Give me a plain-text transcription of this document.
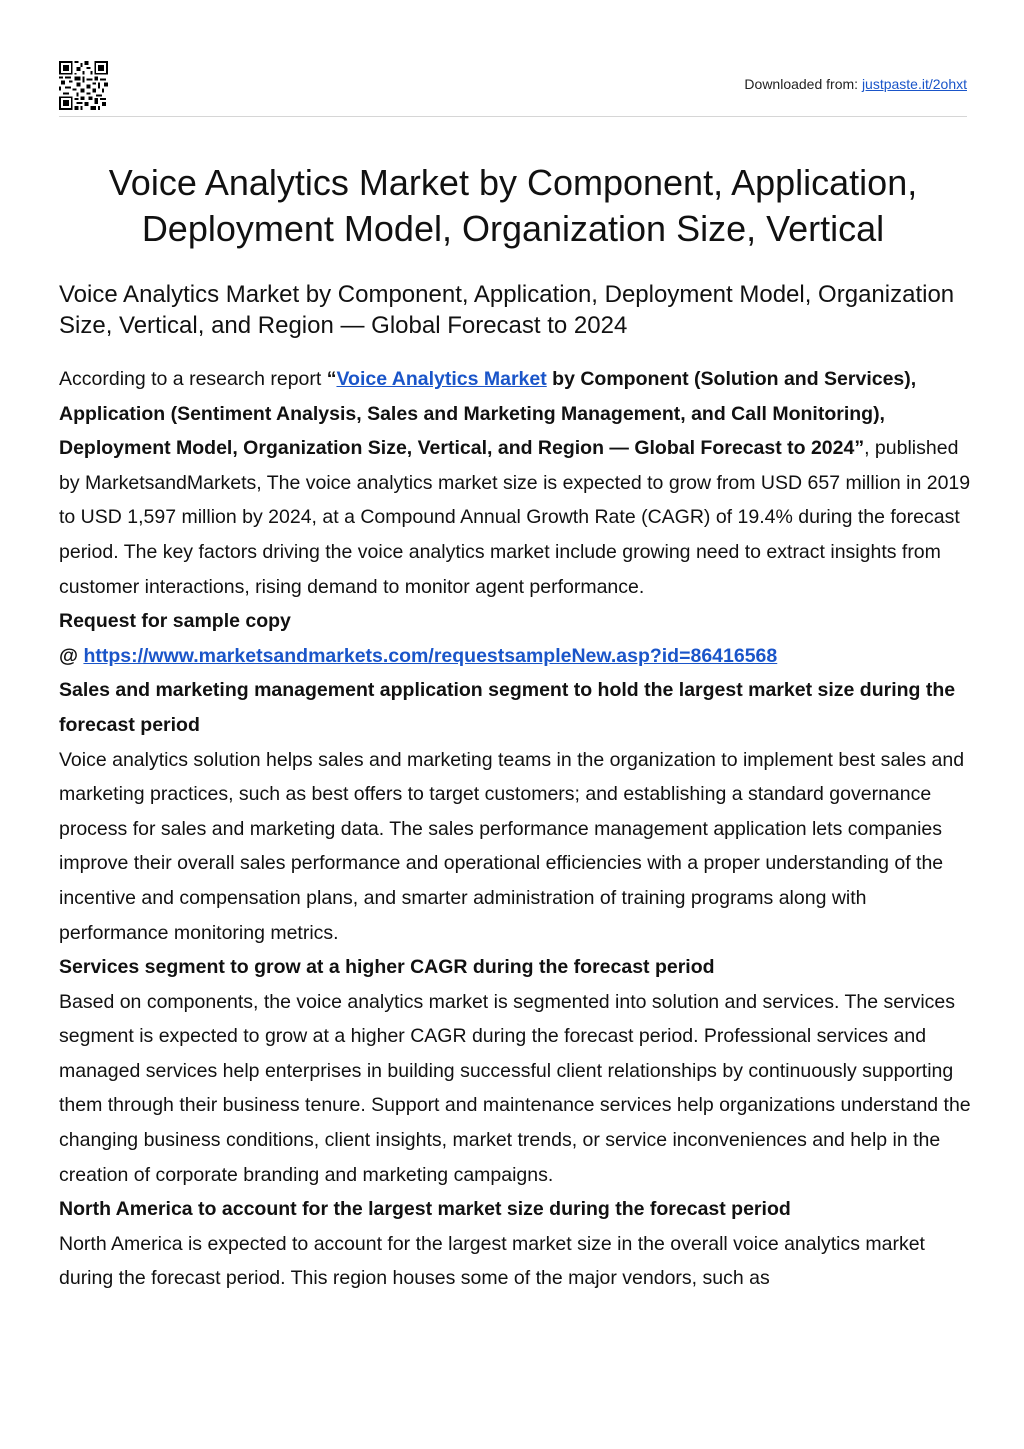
Downloaded from: justpaste.it/2ohxt
Voice Analytics Market by Component, Application, Deployment Model, Organization Size, Vertical
Voice Analytics Market by Component, Application, Deployment Model, Organization Size, Vertical, and Region — Global Forecast to 2024

According to a research report “Voice Analytics Market by Component (Solution and Services), Application (Sentiment Analysis, Sales and Marketing Management, and Call Monitoring), Deployment Model, Organization Size, Vertical, and Region — Global Forecast to 2024”, published by MarketsandMarkets, The voice analytics market size is expected to grow from USD 657 million in 2019 to USD 1,597 million by 2024, at a Compound Annual Growth Rate (CAGR) of 19.4% during the forecast period. The key factors driving the voice analytics market include growing need to extract insights from customer interactions, rising demand to monitor agent performance.

Request for sample copy

@ https://www.marketsandmarkets.com/requestsampleNew.asp?id=86416568

Sales and marketing management application segment to hold the largest market size during the forecast period

Voice analytics solution helps sales and marketing teams in the organization to implement best sales and marketing practices, such as best offers to target customers; and establishing a standard governance process for sales and marketing data. The sales performance management application lets companies improve their overall sales performance and operational efficiencies with a proper understanding of the incentive and compensation plans, and smarter administration of training programs along with performance monitoring metrics.

Services segment to grow at a higher CAGR during the forecast period

Based on components, the voice analytics market is segmented into solution and services. The services segment is expected to grow at a higher CAGR during the forecast period. Professional services and managed services help enterprises in building successful client relationships by continuously supporting them through their business tenure. Support and maintenance services help organizations understand the changing business conditions, client insights, market trends, or service inconveniences and help in the creation of corporate branding and marketing campaigns.

North America to account for the largest market size during the forecast period

North America is expected to account for the largest market size in the overall voice analytics market during the forecast period. This region houses some of the major vendors, such as
